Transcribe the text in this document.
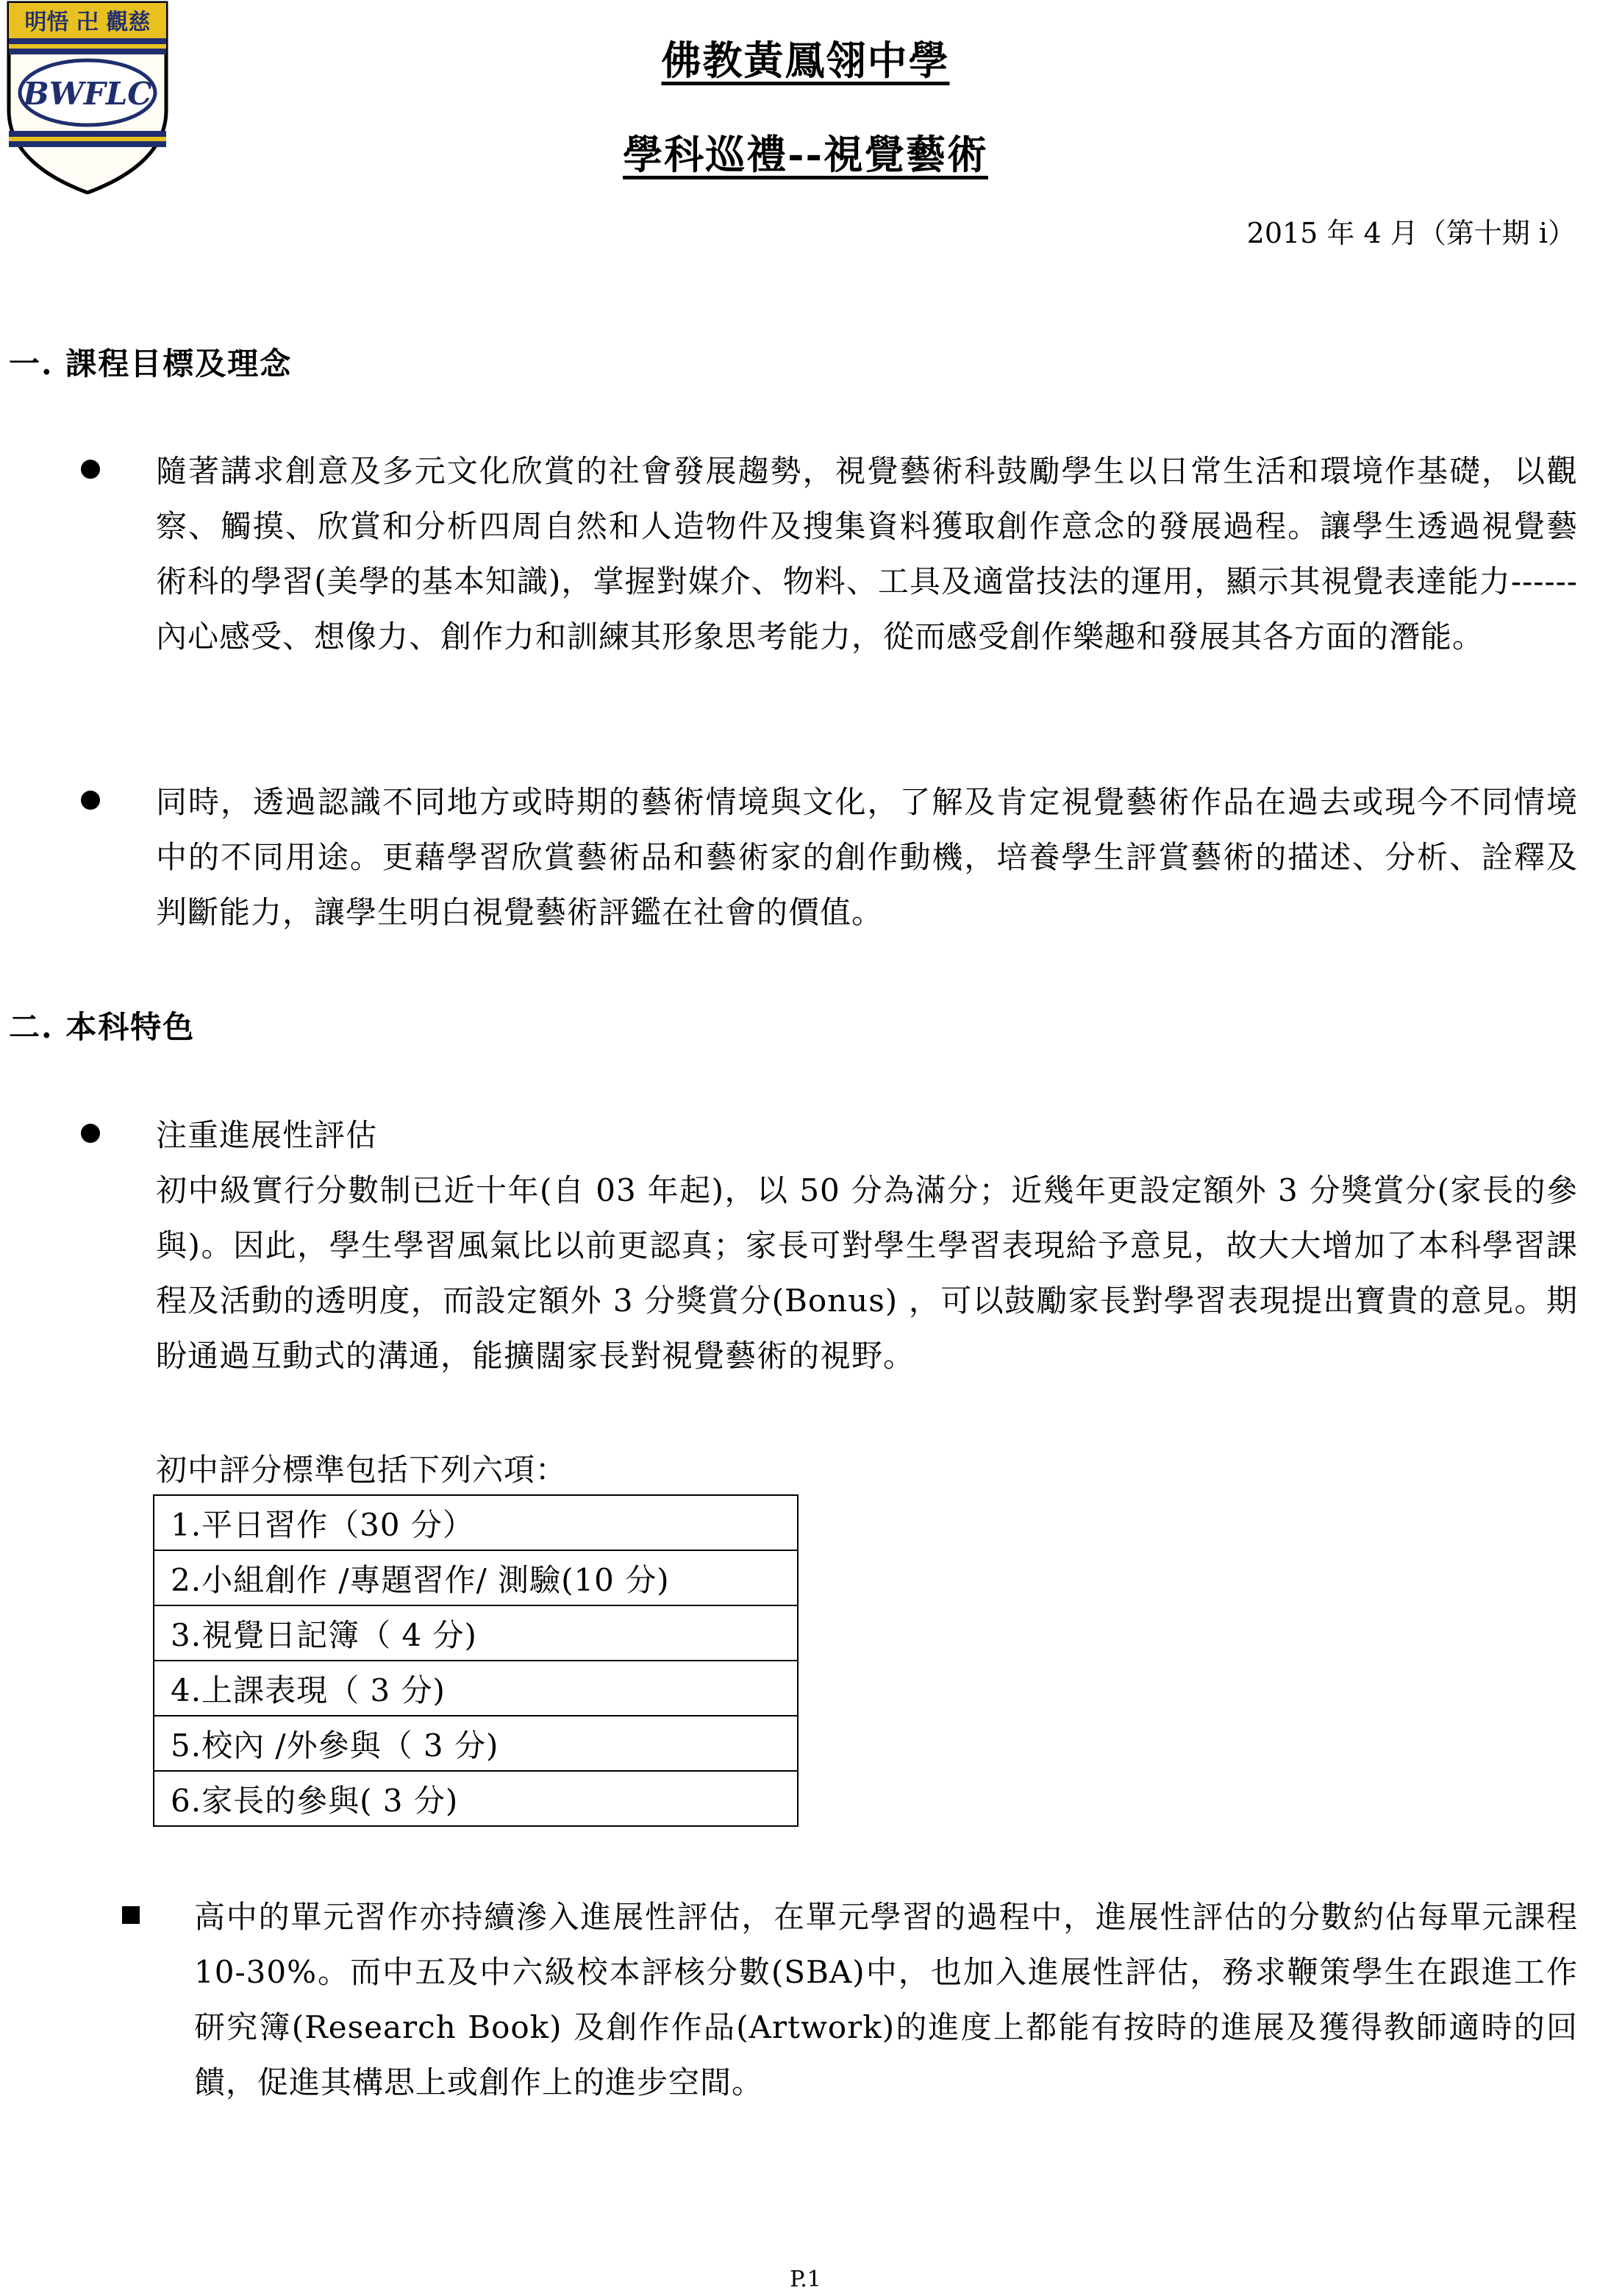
明悟 卍 觀慈
BWFLC
佛教黃鳳翎中學
學科巡禮--視覺藝術
2015 年 4 月（第十期 i）
一. 課程目標及理念

隨著講求創意及多元文化欣賞的社會發展趨勢，視覺藝術科鼓勵學生以日常生活和環境作基礎，以觀察、觸摸、欣賞和分析四周自然和人造物件及搜集資料獲取創作意念的發展過程。讓學生透過視覺藝術科的學習(美學的基本知識)，掌握對媒介、物料、工具及適當技法的運用，顯示其視覺表達能力------內心感受、想像力、創作力和訓練其形象思考能力，從而感受創作樂趣和發展其各方面的潛能。

同時，透過認識不同地方或時期的藝術情境與文化，了解及肯定視覺藝術作品在過去或現今不同情境中的不同用途。更藉學習欣賞藝術品和藝術家的創作動機，培養學生評賞藝術的描述、分析、詮釋及判斷能力，讓學生明白視覺藝術評鑑在社會的價值。

二. 本科特色

注重進展性評估

初中級實行分數制已近十年(自 03 年起)，以 50 分為滿分；近幾年更設定額外 3 分獎賞分(家長的參與)。因此，學生學習風氣比以前更認真；家長可對學生學習表現給予意見，故大大增加了本科學習課程及活動的透明度，而設定額外 3 分獎賞分(Bonus) ，可以鼓勵家長對學習表現提出寶貴的意見。期盼通過互動式的溝通，能擴闊家長對視覺藝術的視野。

初中評分標準包括下列六項：
1.平日習作（30 分）
2.小組創作 /專題習作/ 測驗(10 分)
3.視覺日記簿（ 4 分)
4.上課表現（ 3 分)
5.校內 /外參與（ 3 分)
6.家長的參與( 3 分)

高中的單元習作亦持續滲入進展性評估，在單元學習的過程中，進展性評估的分數約佔每單元課程 10-30%。而中五及中六級校本評核分數(SBA)中，也加入進展性評估，務求鞭策學生在跟進工作研究簿(Research Book) 及創作作品(Artwork)的進度上都能有按時的進展及獲得教師適時的回饋，促進其構思上或創作上的進步空間。

P.1
